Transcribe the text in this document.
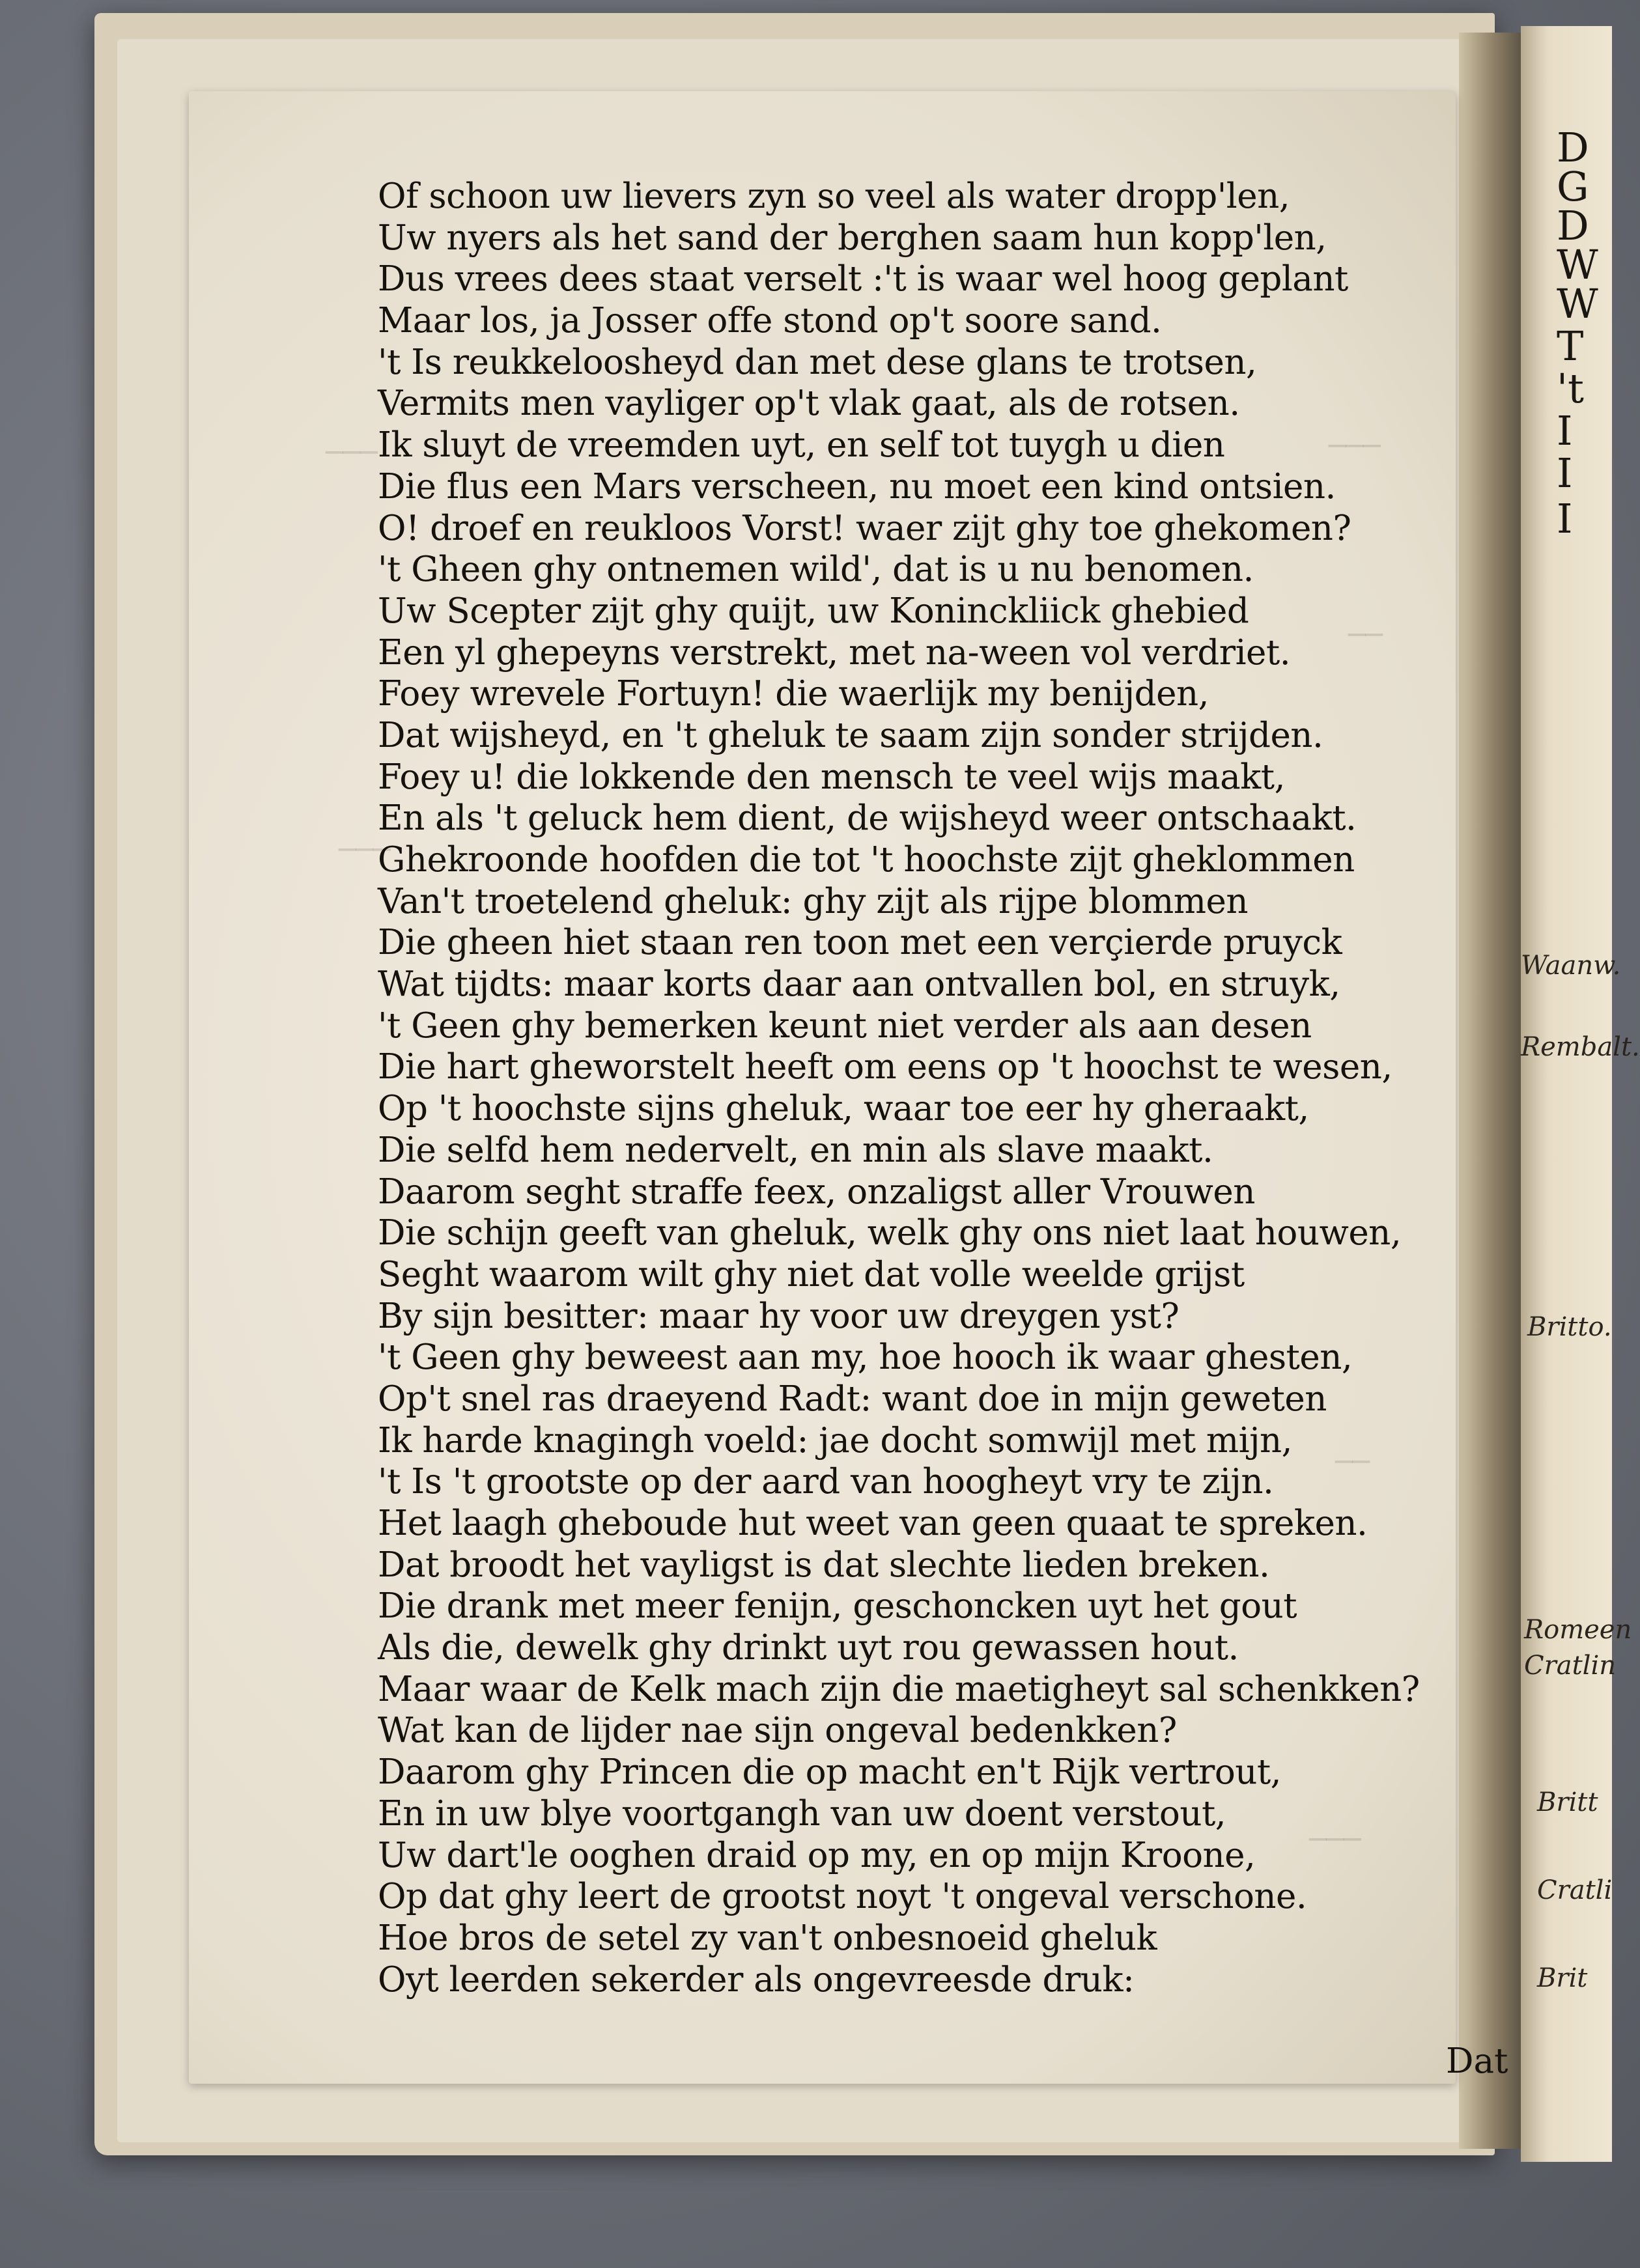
D
G
D
W
W
T
't
I
I
I
Waanw.
Rembalt.
Britto.
Romeen
Cratlin
Britt
Cratli
Brit
​───	───
──
───
──
───
Of schoon uw lievers zyn so veel als water dropp'len,
Uw nyers als het sand der berghen saam hun kopp'len,
Dus vrees dees staat verselt :'t is waar wel hoog geplant
Maar los, ja Josser offe stond op't soore sand.
't Is reukkeloosheyd dan met dese glans te trotsen,
Vermits men vayliger op't vlak gaat, als de rotsen.
Ik sluyt de vreemden uyt, en self tot tuygh u dien
Die flus een Mars verscheen, nu moet een kind ontsien.
O! droef en reukloos Vorst! waer zijt ghy toe ghekomen?
't Gheen ghy ontnemen wild', dat is u nu benomen.
Uw Scepter zijt ghy quijt, uw Koninckliick ghebied
Een yl ghepeyns verstrekt, met na-ween vol verdriet.
Foey wrevele Fortuyn! die waerlijk my benijden,
Dat wijsheyd, en 't gheluk te saam zijn sonder strijden.
Foey u! die lokkende den mensch te veel wijs maakt,
En als 't geluck hem dient, de wijsheyd weer ontschaakt.
Ghekroonde hoofden die tot 't hoochste zijt gheklommen
Van't troetelend gheluk: ghy zijt als rijpe blommen
Die gheen hiet staan ren toon met een verçierde pruyck
Wat tijdts: maar korts daar aan ontvallen bol, en struyk,
't Geen ghy bemerken keunt niet verder als aan desen
Die hart gheworstelt heeft om eens op 't hoochst te wesen,
Op 't hoochste sijns gheluk, waar toe eer hy gheraakt,
Die selfd hem nedervelt, en min als slave maakt.
Daarom seght straffe feex, onzaligst aller Vrouwen
Die schijn geeft van gheluk, welk ghy ons niet laat houwen,
Seght waarom wilt ghy niet dat volle weelde grijst
By sijn besitter: maar hy voor uw dreygen yst?
't Geen ghy beweest aan my, hoe hooch ik waar ghesten,
Op't snel ras draeyend Radt: want doe in mijn geweten
Ik harde knagingh voeld: jae docht somwijl met mijn,
't Is 't grootste op der aard van hoogheyt vry te zijn.
Het laagh gheboude hut weet van geen quaat te spreken.
Dat broodt het vayligst is dat slechte lieden breken.
Die drank met meer fenijn, geschoncken uyt het gout
Als die, dewelk ghy drinkt uyt rou gewassen hout.
Maar waar de Kelk mach zijn die maetigheyt sal schenkken?
Wat kan de lijder nae sijn ongeval bedenkken?
Daarom ghy Princen die op macht en't Rijk vertrout,
En in uw blye voortgangh van uw doent verstout,
Uw dart'le ooghen draid op my, en op mijn Kroone,
Op dat ghy leert de grootst noyt 't ongeval verschone.
Hoe bros de setel zy van't onbesnoeid gheluk
Oyt leerden sekerder als ongevreesde druk:
Dat
